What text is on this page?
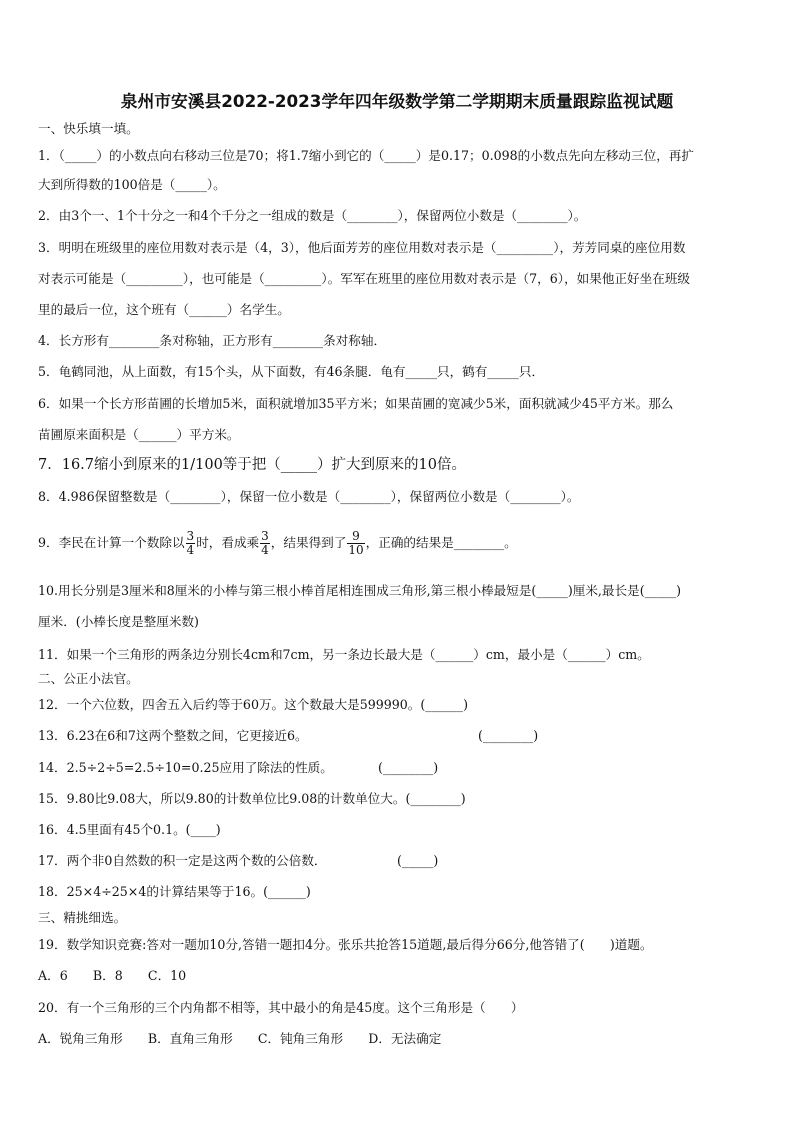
泉州市安溪县2022-2023学年四年级数学第二学期期末质量跟踪监视试题
一、快乐填一填。
1．（_____）的小数点向右移动三位是70；将1.7缩小到它的（_____）是0.17；0.098的小数点先向左移动三位，再扩
大到所得数的100倍是（_____）。
2．由3个一、1个十分之一和4个千分之一组成的数是（________），保留两位小数是（________）。
3．明明在班级里的座位用数对表示是（4，3），他后面芳芳的座位用数对表示是（_________），芳芳同桌的座位用数
对表示可能是（_________），也可能是（_________）。军军在班里的座位用数对表示是（7，6），如果他正好坐在班级
里的最后一位，这个班有（______）名学生。
4．长方形有________条对称轴，正方形有________条对称轴．
5．龟鹤同池，从上面数，有15个头，从下面数，有46条腿．龟有_____只，鹤有_____只．
6．如果一个长方形苗圃的长增加5米，面积就增加35平方米；如果苗圃的宽减少5米，面积就减少45平方米。那么
苗圃原来面积是（______）平方米。
7．16.7缩小到原来的1/100等于把（_____）扩大到原来的10倍。
8．4.986保留整数是（________），保留一位小数是（________），保留两位小数是（________）。
9．李民在计算一个数除以 $\frac{3}{4}$ 时，看成乘 $\frac{3}{4}$ ，结果得到了 $\frac{9}{10}$ ，正确的结果是________。
10.用长分别是3厘米和8厘米的小棒与第三根小棒首尾相连围成三角形,第三根小棒最短是(_____)厘米,最长是(_____)
厘米．(小棒长度是整厘米数)
11．如果一个三角形的两条边分别长4cm和7cm，另一条边长最大是（______）cm，最小是（______）cm。
二、公正小法官。
12．一个六位数，四舍五入后约等于60万。这个数最大是599990。(______)
13．6.23在6和7这两个整数之间，它更接近6。	(________)
14．2.5÷2÷5=2.5÷10=0.25应用了除法的性质。	(________)
15．9.80比9.08大，所以9.80的计数单位比9.08的计数单位大。(________)
16．4.5里面有45个0.1。(____)
17．两个非0自然数的积一定是这两个数的公倍数．	(_____)
18．25×4÷25×4的计算结果等于16。(______)
三、精挑细选。
19．数学知识竞赛:答对一题加10分,答错一题扣4分。张乐共抢答15道题,最后得分66分,他答错了(　　)道题。
A．6　　B．8　　C．10
20．有一个三角形的三个内角都不相等，其中最小的角是45度。这个三角形是（　　）
A．锐角三角形　　B．直角三角形　　C．钝角三角形　　D．无法确定
